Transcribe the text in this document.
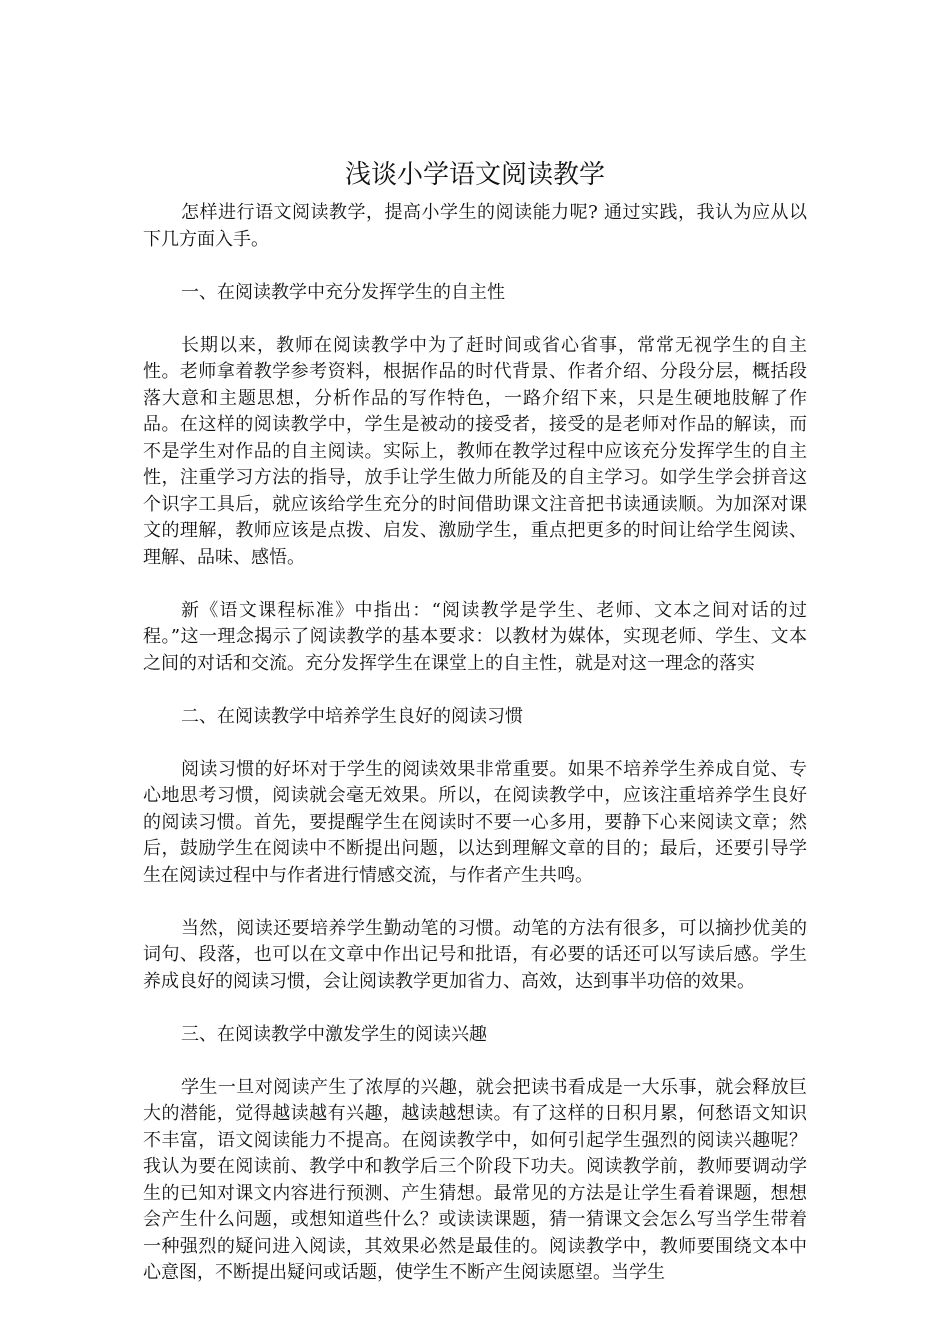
浅谈小学语文阅读教学

怎样进行语文阅读教学，提高小学生的阅读能力呢? 通过实践，我认为应从以下几方面入手。

一、在阅读教学中充分发挥学生的自主性

长期以来，教师在阅读教学中为了赶时间或省心省事，常常无视学生的自主性。老师拿着教学参考资料，根据作品的时代背景、作者介绍、分段分层，概括段落大意和主题思想，分析作品的写作特色，一路介绍下来，只是生硬地肢解了作品。在这样的阅读教学中，学生是被动的接受者，接受的是老师对作品的解读，而不是学生对作品的自主阅读。实际上，教师在教学过程中应该充分发挥学生的自主性，注重学习方法的指导，放手让学生做力所能及的自主学习。如学生学会拼音这个识字工具后，就应该给学生充分的时间借助课文注音把书读通读顺。为加深对课文的理解，教师应该是点拨、启发、激励学生，重点把更多的时间让给学生阅读、理解、品味、感悟。

新《语文课程标准》中指出：“阅读教学是学生、老师、文本之间对话的过程。”这一理念揭示了阅读教学的基本要求：以教材为媒体，实现老师、学生、文本之间的对话和交流。充分发挥学生在课堂上的自主性，就是对这一理念的落实

二、在阅读教学中培养学生良好的阅读习惯

阅读习惯的好坏对于学生的阅读效果非常重要。如果不培养学生养成自觉、专心地思考习惯，阅读就会毫无效果。所以，在阅读教学中，应该注重培养学生良好的阅读习惯。首先，要提醒学生在阅读时不要一心多用，要静下心来阅读文章；然后，鼓励学生在阅读中不断提出问题，以达到理解文章的目的；最后，还要引导学生在阅读过程中与作者进行情感交流，与作者产生共鸣。

当然，阅读还要培养学生勤动笔的习惯。动笔的方法有很多，可以摘抄优美的词句、段落，也可以在文章中作出记号和批语，有必要的话还可以写读后感。学生养成良好的阅读习惯，会让阅读教学更加省力、高效，达到事半功倍的效果。

三、在阅读教学中激发学生的阅读兴趣

学生一旦对阅读产生了浓厚的兴趣，就会把读书看成是一大乐事，就会释放巨大的潜能，觉得越读越有兴趣，越读越想读。有了这样的日积月累，何愁语文知识不丰富，语文阅读能力不提高。在阅读教学中，如何引起学生强烈的阅读兴趣呢？我认为要在阅读前、教学中和教学后三个阶段下功夫。阅读教学前，教师要调动学生的已知对课文内容进行预测、产生猜想。最常见的方法是让学生看着课题，想想会产生什么问题，或想知道些什么？或读读课题，猜一猜课文会怎么写当学生带着一种强烈的疑问进入阅读，其效果必然是最佳的。阅读教学中，教师要围绕文本中心意图，不断提出疑问或话题，使学生不断产生阅读愿望。当学生
